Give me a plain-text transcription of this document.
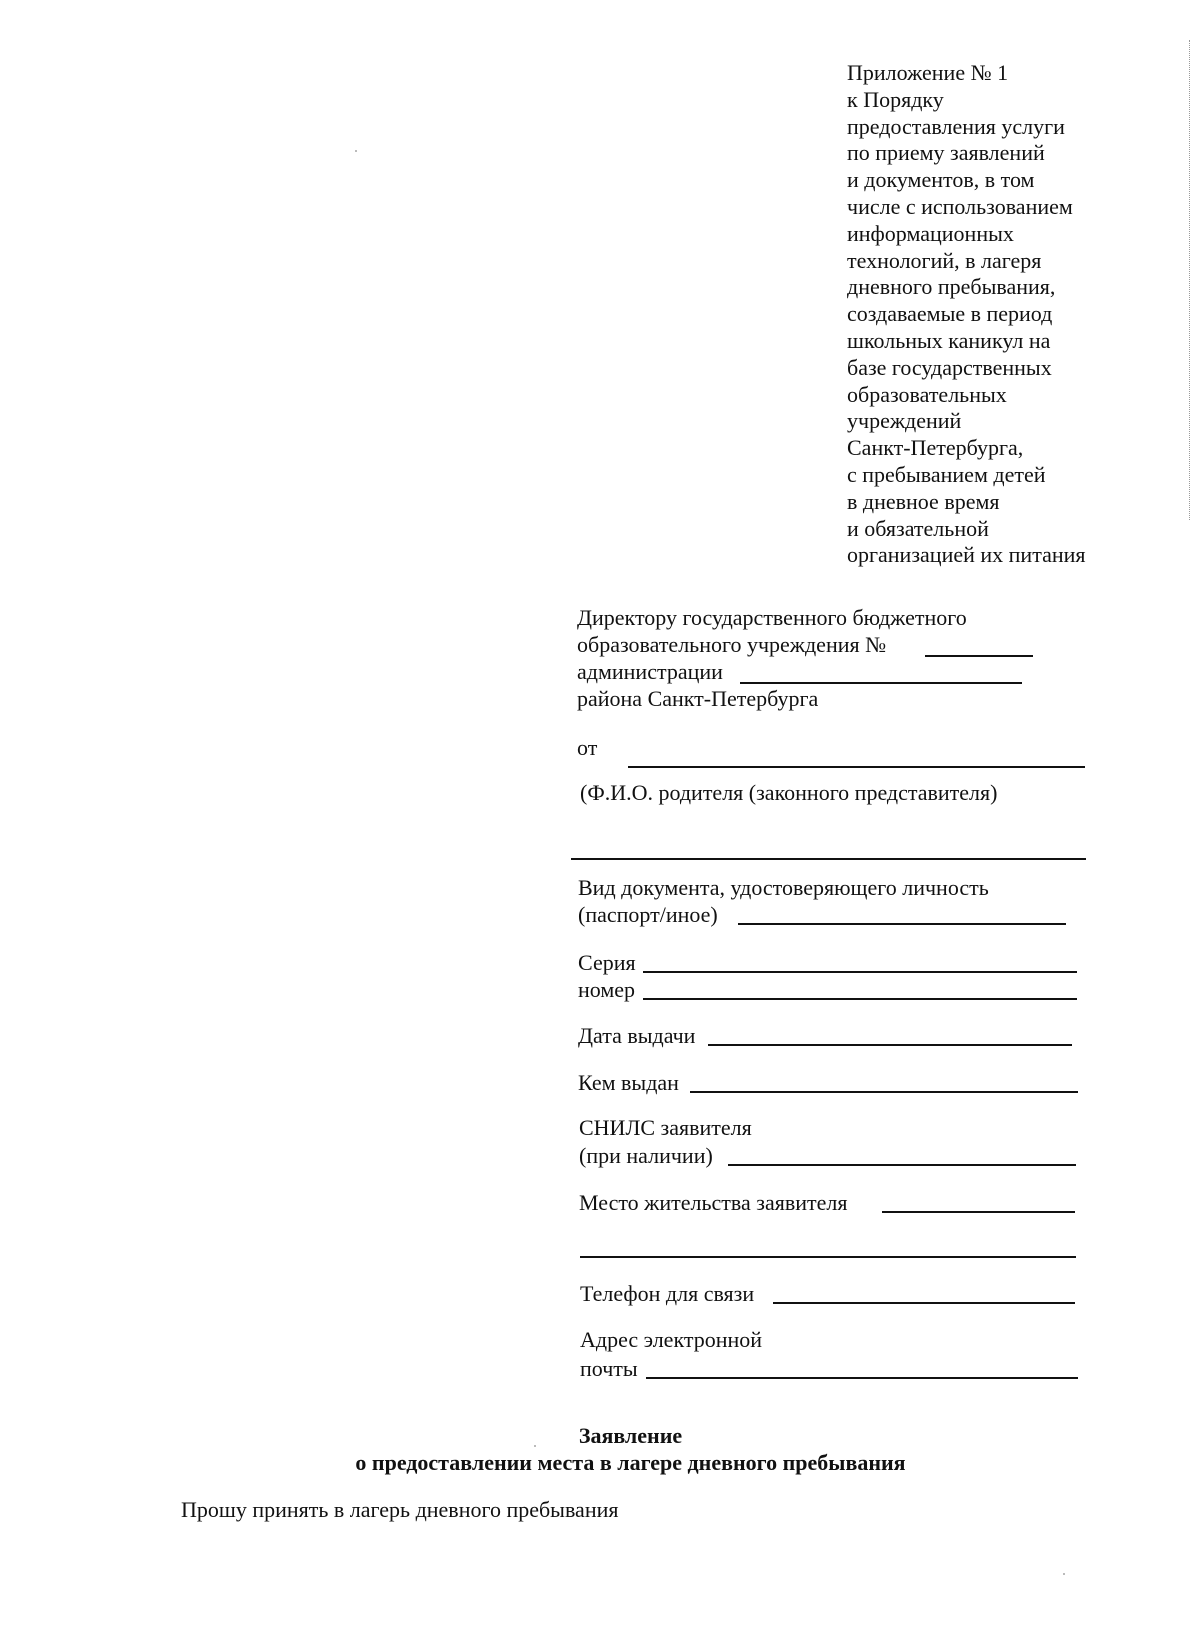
Приложение № 1
к Порядку
предоставления услуги
по приему заявлений
и документов, в том
числе с использованием
информационных
технологий, в лагеря
дневного пребывания,
создаваемые в период
школьных каникул на
базе государственных
образовательных
учреждений
Санкт-Петербурга,
с пребыванием детей
в дневное время
и обязательной
организацией их питания
Директору государственного бюджетного
образовательного учреждения №
администрации
района Санкт-Петербурга
от
(Ф.И.О. родителя (законного представителя)
Вид документа, удостоверяющего личность
(паспорт/иное)
Серия
номер
Дата выдачи
Кем выдан
СНИЛС заявителя
(при наличии)
Место жительства заявителя
Телефон для связи
Адрес электронной
почты
Заявление
о предоставлении места в лагере дневного пребывания
Прошу принять в лагерь дневного пребывания
